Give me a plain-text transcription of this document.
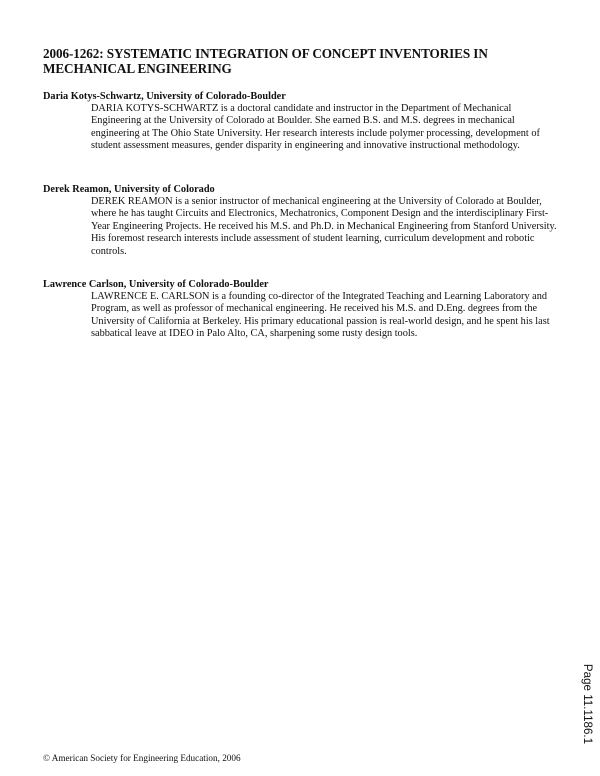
2006-1262: SYSTEMATIC INTEGRATION OF CONCEPT INVENTORIES IN MECHANICAL ENGINEERING

Daria Kotys-Schwartz, University of Colorado-Boulder

DARIA KOTYS-SCHWARTZ is a doctoral candidate and instructor in the Department of Mechanical Engineering at the University of Colorado at Boulder. She earned B.S. and M.S. degrees in mechanical engineering at The Ohio State University. Her research interests include polymer processing, development of student assessment measures, gender disparity in engineering and innovative instructional methodology.

Derek Reamon, University of Colorado

DEREK REAMON is a senior instructor of mechanical engineering at the University of Colorado at Boulder, where he has taught Circuits and Electronics, Mechatronics, Component Design and the interdisciplinary First-Year Engineering Projects. He received his M.S. and Ph.D. in Mechanical Engineering from Stanford University. His foremost research interests include assessment of student learning, curriculum development and robotic controls.

Lawrence Carlson, University of Colorado-Boulder

LAWRENCE E. CARLSON is a founding co-director of the Integrated Teaching and Learning Laboratory and Program, as well as professor of mechanical engineering. He received his M.S. and D.Eng. degrees from the University of California at Berkeley. His primary educational passion is real-world design, and he spent his last sabbatical leave at IDEO in Palo Alto, CA, sharpening some rusty design tools.

Page 11.1186.1

© American Society for Engineering Education, 2006
